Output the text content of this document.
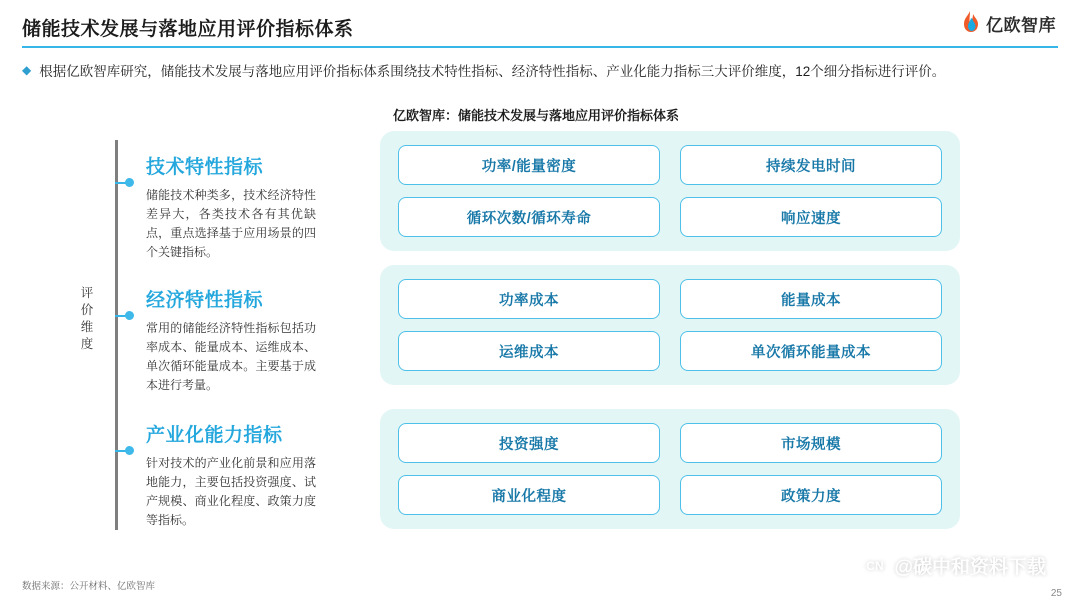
储能技术发展与落地应用评价指标体系	亿欧智库
◆ 根据亿欧智库研究，储能技术发展与落地应用评价指标体系围绕技术特性指标、经济特性指标、产业化能力指标三大评价维度，12个细分指标进行评价。
亿欧智库：储能技术发展与落地应用评价指标体系
评价维度
技术特性指标
储能技术种类多，技术经济特性差异大，各类技术各有其优缺点，重点选择基于应用场景的四个关键指标。
经济特性指标
常用的储能经济特性指标包括功率成本、能量成本、运维成本、单次循环能量成本。主要基于成本进行考量。
产业化能力指标
针对技术的产业化前景和应用落地能力，主要包括投资强度、试产规模、商业化程度、政策力度等指标。
功率/能量密度	持续发电时间
循环次数/循环寿命	响应速度
功率成本	能量成本
运维成本	单次循环能量成本
投资强度	市场规模
商业化程度	政策力度
数据来源：公开材料、亿欧智库
25
CN @碳中和资料下载
